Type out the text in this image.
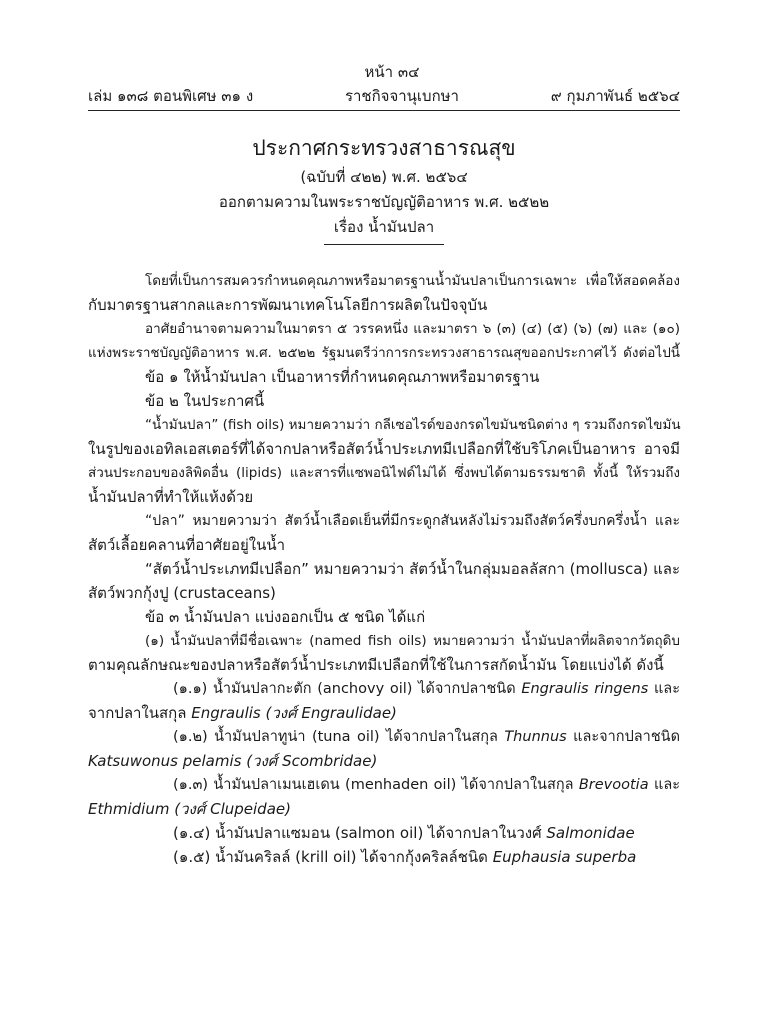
หน้า ๓๔
เล่ม ๑๓๘ ตอนพิเศษ ๓๑ ง	ราชกิจจานุเบกษา	๙ กุมภาพันธ์ ๒๕๖๔
ประกาศกระทรวงสาธารณสุข
(ฉบับที่ ๔๒๒) พ.ศ. ๒๕๖๔
ออกตามความในพระราชบัญญัติอาหาร พ.ศ. ๒๕๒๒
เรื่อง น้ำมันปลา
โดยที่เป็นการสมควรกำหนดคุณภาพหรือมาตรฐานน้ำมันปลาเป็นการเฉพาะ เพื่อให้สอดคล้อง
กับมาตรฐานสากลและการพัฒนาเทคโนโลยีการผลิตในปัจจุบัน
อาศัยอำนาจตามความในมาตรา ๕ วรรคหนึ่ง และมาตรา ๖ (๓) (๔) (๕) (๖) (๗) และ (๑๐)
แห่งพระราชบัญญัติอาหาร พ.ศ. ๒๕๒๒ รัฐมนตรีว่าการกระทรวงสาธารณสุขออกประกาศไว้ ดังต่อไปนี้
ข้อ ๑ ให้น้ำมันปลา เป็นอาหารที่กำหนดคุณภาพหรือมาตรฐาน
ข้อ ๒ ในประกาศนี้
“น้ำมันปลา” (fish oils) หมายความว่า กลีเซอไรด์ของกรดไขมันชนิดต่าง ๆ รวมถึงกรดไขมัน
ในรูปของเอทิลเอสเตอร์ที่ได้จากปลาหรือสัตว์น้ำประเภทมีเปลือกที่ใช้บริโภคเป็นอาหาร อาจมี
ส่วนประกอบของลิพิดอื่น (lipids) และสารที่แซพอนิไฟด์ไม่ได้ ซึ่งพบได้ตามธรรมชาติ ทั้งนี้ ให้รวมถึง
น้ำมันปลาที่ทำให้แห้งด้วย
“ปลา” หมายความว่า สัตว์น้ำเลือดเย็นที่มีกระดูกสันหลังไม่รวมถึงสัตว์ครึ่งบกครึ่งน้ำ และ
สัตว์เลื้อยคลานที่อาศัยอยู่ในน้ำ
“สัตว์น้ำประเภทมีเปลือก” หมายความว่า สัตว์น้ำในกลุ่มมอลลัสกา (mollusca) และ
สัตว์พวกกุ้งปู (crustaceans)
ข้อ ๓ น้ำมันปลา แบ่งออกเป็น ๕ ชนิด ได้แก่
(๑) น้ำมันปลาที่มีชื่อเฉพาะ (named fish oils) หมายความว่า น้ำมันปลาที่ผลิตจากวัตถุดิบ
ตามคุณลักษณะของปลาหรือสัตว์น้ำประเภทมีเปลือกที่ใช้ในการสกัดน้ำมัน โดยแบ่งได้ ดังนี้
(๑.๑) น้ำมันปลากะตัก (anchovy oil) ได้จากปลาชนิด Engraulis ringens และ
จากปลาในสกุล Engraulis (วงศ์ Engraulidae)
(๑.๒) น้ำมันปลาทูน่า (tuna oil) ได้จากปลาในสกุล Thunnus และจากปลาชนิด
Katsuwonus pelamis (วงศ์ Scombridae)
(๑.๓) น้ำมันปลาเมนเฮเดน (menhaden oil) ได้จากปลาในสกุล Brevootia และ
Ethmidium (วงศ์ Clupeidae)
(๑.๔) น้ำมันปลาแซมอน (salmon oil) ได้จากปลาในวงศ์ Salmonidae
(๑.๕) น้ำมันคริลล์ (krill oil) ได้จากกุ้งคริลล์ชนิด Euphausia superba
